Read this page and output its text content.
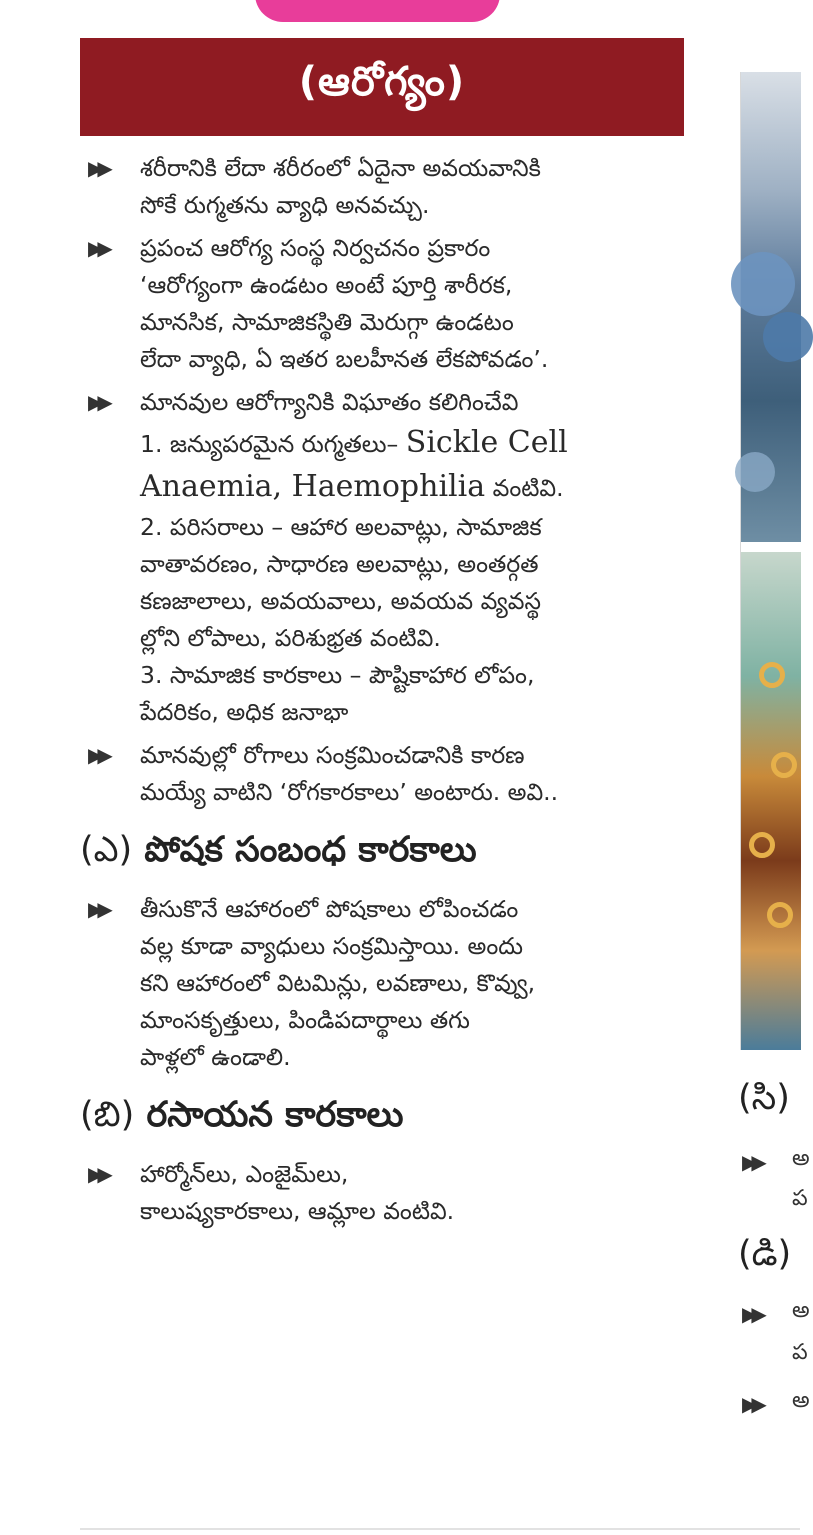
(ఆరోగ్యం)
▶▶ శరీరానికి లేదా శరీరంలో ఏదైనా అవయవానికి
సోకే రుగ్మతను వ్యాధి అనవచ్చు.
▶▶ ప్రపంచ ఆరోగ్య సంస్థ నిర్వచనం ప్రకారం
‘ఆరోగ్యంగా ఉండటం అంటే పూర్తి శారీరక,
మానసిక, సామాజికస్థితి మెరుగ్గా ఉండటం
లేదా వ్యాధి, ఏ ఇతర బలహీనత లేకపోవడం’.
▶▶ మానవుల ఆరోగ్యానికి విఘాతం కలిగించేవి
1. జన్యుపరమైన రుగ్మతలు– Sickle Cell
Anaemia, Haemophilia వంటివి.
2. పరిసరాలు – ఆహార అలవాట్లు, సామాజిక
వాతావరణం, సాధారణ అలవాట్లు, అంతర్గత
కణజాలాలు, అవయవాలు, అవయవ వ్యవస్థ
ల్లోని లోపాలు, పరిశుభ్రత వంటివి.
3. సామాజిక కారకాలు – పౌష్టికాహార లోపం,
పేదరికం, అధిక జనాభా
▶▶ మానవుల్లో రోగాలు సంక్రమించడానికి కారణ
మయ్యే వాటిని ‘రోగకారకాలు’ అంటారు. అవి..
(ఎ) పోషక సంబంధ కారకాలు
▶▶ తీసుకొనే ఆహారంలో పోషకాలు లోపించడం
వల్ల కూడా వ్యాధులు సంక్రమిస్తాయి. అందు
కని ఆహారంలో విటమిన్లు, లవణాలు, కొవ్వు,
మాంసకృత్తులు, పిండిపదార్థాలు తగు
పాళ్లలో ఉండాలి.
(బి) రసాయన కారకాలు
▶▶ హార్మోన్‌లు, ఎంజైమ్‌లు,
కాలుష్యకారకాలు, ఆమ్లాల వంటివి.
(సి)
▶▶ అ
ప
(డి)
▶▶ అ
ప
▶▶ అ
